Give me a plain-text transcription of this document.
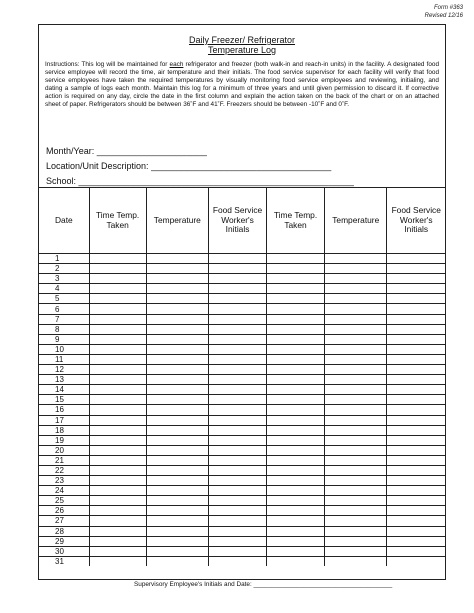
Form #363
Revised 12/16
Daily Freezer/ Refrigerator
Temperature Log
Instructions: This log will be maintained for each refrigerator and freezer (both walk-in and reach-in units) in the facility. A designated food service employee will record the time, air temperature and their initials. The food service supervisor for each facility will verify that food service employees have taken the required temperatures by visually monitoring food service employees and reviewing, initialing, and dating a sample of logs each month. Maintain this log for a minimum of three years and until given permission to discard it. If corrective action is required on any day, circle the date in the first column and explain the action taken on the back of the chart or on an attached sheet of paper. Refrigerators should be between 36˚F and 41˚F. Freezers should be between -10˚F and 0˚F.
Month/Year: ______________________
Location/Unit Description: ____________________________________
School: _______________________________________________________
Date	Time Temp. Taken	Temperature	Food Service Worker's Initials	Time Temp. Taken	Temperature	Food Service Worker's Initials

1						
2						
3						
4						
5						
6						
7						
8						
9						
10						
11						
12						
13						
14						
15						
16						
17						
18						
19						
20						
21						
22						
23						
24						
25						
26						
27						
28						
29						
30						
31						
Supervisory Employee's Initials and Date: _______________________________________
